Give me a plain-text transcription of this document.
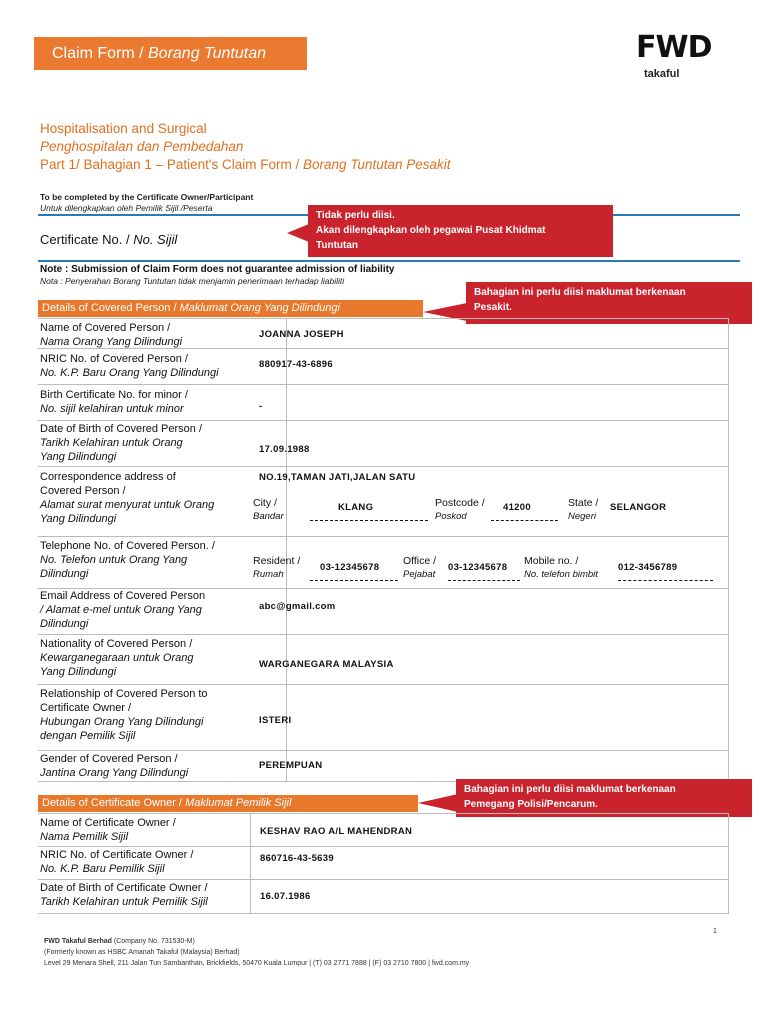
Claim Form / Borang Tuntutan	FWD
takaful
Hospitalisation and Surgical
Penghospitalan dan Pembedahan
Part 1/ Bahagian 1 – Patient's Claim Form / Borang Tuntutan Pesakit
To be completed by the Certificate Owner/Participant
Untuk dilengkapkan oleh Pemilik Sijil /Peserta
Certificate No. / No. Sijil
Note : Submission of Claim Form does not guarantee admission of liability
Nota : Penyerahan Borang Tuntutan tidak menjamin penerimaan terhadap liabiliti
Tidak perlu diisi.
Akan dilengkapkan oleh pegawai Pusat Khidmat
Tuntutan
Bahagian ini perlu diisi maklumat berkenaan
Pesakit.
Details of Covered Person / Maklumat Orang Yang Dilindungi
Name of Covered Person /
Nama Orang Yang Dilindungi
JOANNA JOSEPH
NRIC No. of Covered Person /
No. K.P. Baru Orang Yang Dilindungi
880917-43-6896
Birth Certificate No. for minor /
No. sijil kelahiran untuk minor	-
Date of Birth of Covered Person /
Tarikh Kelahiran untuk Orang
Yang Dilindungi
17.09.1988
Correspondence address of
Covered Person /
Alamat surat menyurat untuk Orang
Yang Dilindungi
NO.19,TAMAN JATI,JALAN SATU
City /
Bandar
KLANG	Postcode /
Poskod
41200	State /
Negeri
SELANGOR
Telephone No. of Covered Person. /
No. Telefon untuk Orang Yang
Dilindungi
Resident /
Rumah
03-12345678
Office /
Pejabat
03-12345678
Mobile no. /
No. telefon bimbit
012-3456789
Email Address of Covered Person
/ Alamat e-mel untuk Orang Yang
Dilindungi
abc@gmail.com
Nationality of Covered Person /
Kewarganegaraan untuk Orang
Yang Dilindungi
WARGANEGARA MALAYSIA
Relationship of Covered Person to
Certificate Owner /
Hubungan Orang Yang Dilindungi
dengan Pemilik Sijil
ISTERI
Gender of Covered Person /
Jantina Orang Yang Dilindungi
PEREMPUAN
Bahagian ini perlu diisi maklumat berkenaan
Pemegang Polisi/Pencarum.
Details of Certificate Owner / Maklumat Pemilik Sijil
Name of Certificate Owner /
Nama Pemilik Sijil	KESHAV RAO A/L MAHENDRAN
NRIC No. of Certificate Owner /
No. K.P. Baru Pemilik Sijil
860716-43-5639
Date of Birth of Certificate Owner /
Tarikh Kelahiran untuk Pemilik Sijil	16.07.1986
1
FWD Takaful Berhad (Company No. 731530-M)
(Formerly known as HSBC Amanah Takaful (Malaysia) Berhad)
Level 29 Menara Shell, 211 Jalan Tun Sambanthan, Brickfields, 50470 Kuala Lumpur | (T) 03 2771 7888 | (F) 03 2710 7800 | fwd.com.my
